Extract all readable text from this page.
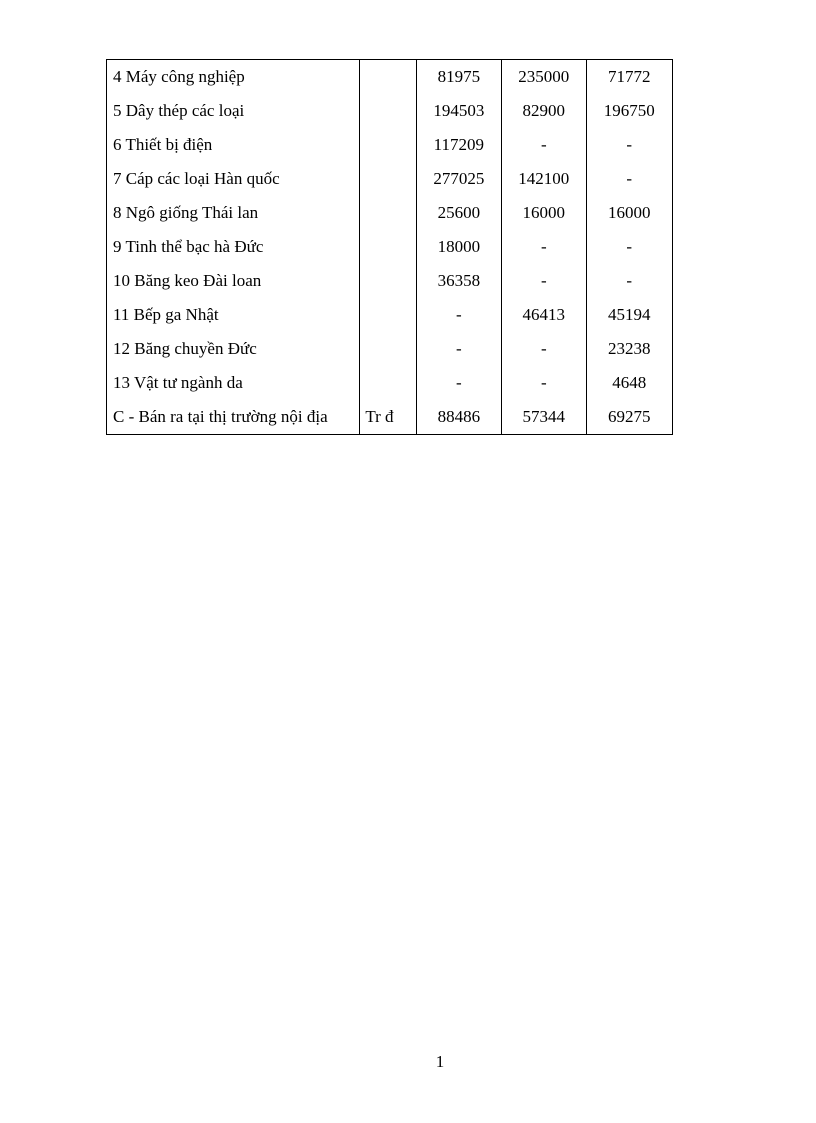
4 Máy công nghiệp		81975	235000	71772
5 Dây thép các loại		194503	82900	196750
6 Thiết bị điện		117209	-	-
7 Cáp các loại Hàn quốc		277025	142100	-
8 Ngô giống Thái lan		25600	16000	16000
9 Tinh thể bạc hà Đức		18000	-	-
10 Băng keo Đài loan		36358	-	-
11 Bếp ga Nhật		-	46413	45194
12 Băng chuyền Đức		-	-	23238
13 Vật tư ngành da		-	-	4648
C - Bán ra tại thị trường nội địa	Tr đ	88486	57344	69275
1
